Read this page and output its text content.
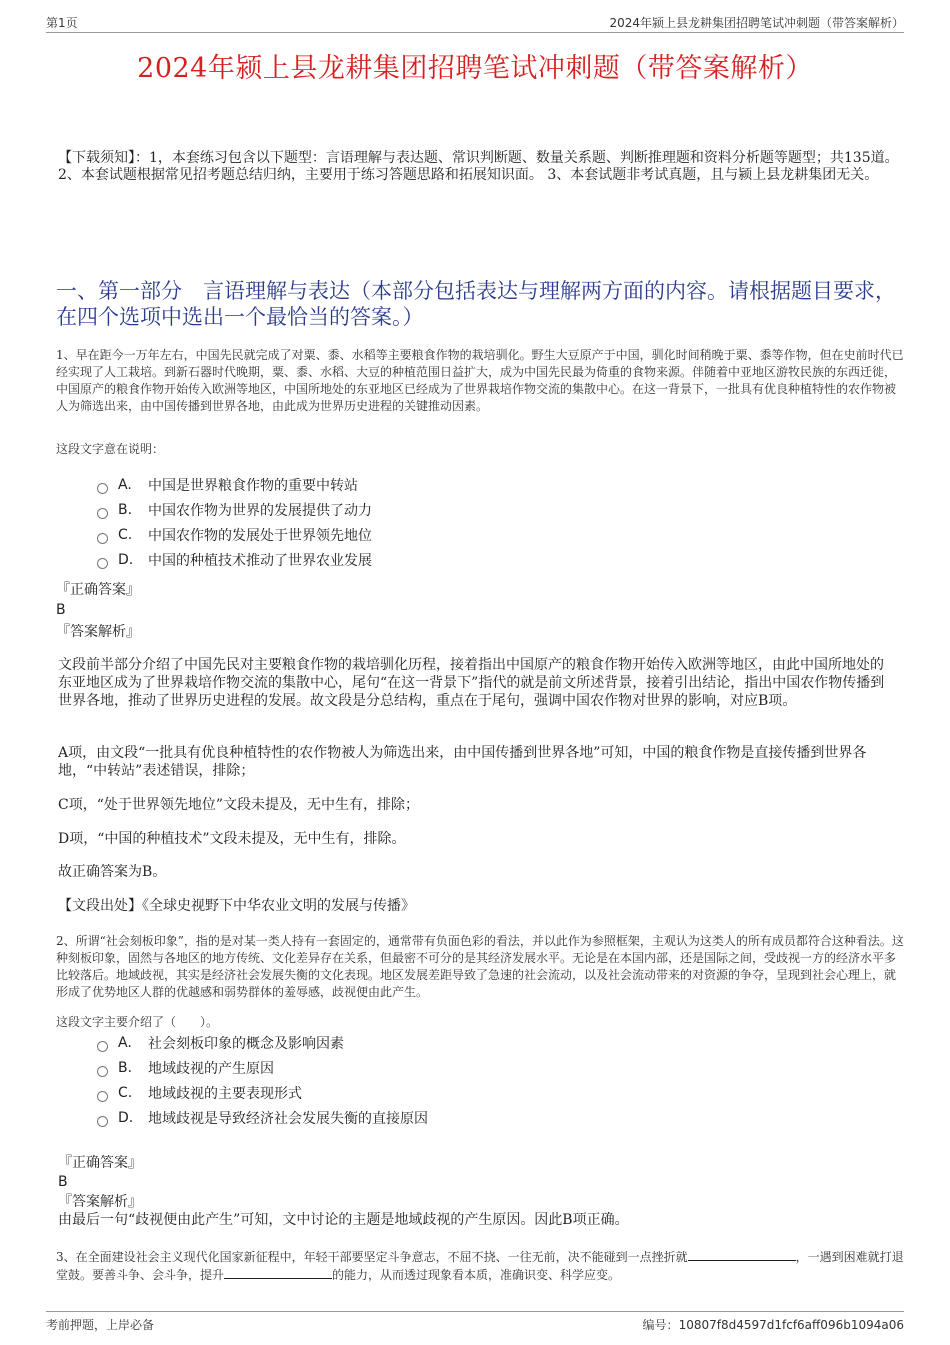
第1页	2024年颍上县龙耕集团招聘笔试冲刺题（带答案解析）
2024年颍上县龙耕集团招聘笔试冲刺题（带答案解析）
【下载须知】：1，本套练习包含以下题型：言语理解与表达题、常识判断题、数量关系题、判断推理题和资料分析题等题型；共135道。 2、本套试题根据常见招考题总结归纳，主要用于练习答题思路和拓展知识面。 3、本套试题非考试真题，且与颍上县龙耕集团无关。
一、第一部分　言语理解与表达（本部分包括表达与理解两方面的内容。请根据题目要求，在四个选项中选出一个最恰当的答案。）
1、早在距今一万年左右，中国先民就完成了对粟、黍、水稻等主要粮食作物的栽培驯化。野生大豆原产于中国，驯化时间稍晚于粟、黍等作物，但在史前时代已经实现了人工栽培。到新石器时代晚期，粟、黍、水稻、大豆的种植范围日益扩大，成为中国先民最为倚重的食物来源。伴随着中亚地区游牧民族的东西迁徙，中国原产的粮食作物开始传入欧洲等地区，中国所地处的东亚地区已经成为了世界栽培作物交流的集散中心。在这一背景下，一批具有优良种植特性的农作物被人为筛选出来，由中国传播到世界各地，由此成为世界历史进程的关键推动因素。
这段文字意在说明：
A.	中国是世界粮食作物的重要中转站
B.	中国农作物为世界的发展提供了动力
C.	中国农作物的发展处于世界领先地位
D.	中国的种植技术推动了世界农业发展
『正确答案』
B
『答案解析』
文段前半部分介绍了中国先民对主要粮食作物的栽培驯化历程，接着指出中国原产的粮食作物开始传入欧洲等地区，由此中国所地处的东亚地区成为了世界栽培作物交流的集散中心，尾句“在这一背景下”指代的就是前文所述背景，接着引出结论，指出中国农作物传播到世界各地，推动了世界历史进程的发展。故文段是分总结构，重点在于尾句，强调中国农作物对世界的影响，对应B项。
A项，由文段“一批具有优良种植特性的农作物被人为筛选出来，由中国传播到世界各地”可知，中国的粮食作物是直接传播到世界各地，“中转站”表述错误，排除；
C项，“处于世界领先地位”文段未提及，无中生有，排除；
D项，“中国的种植技术”文段未提及，无中生有，排除。
故正确答案为B。
【文段出处】《全球史视野下中华农业文明的发展与传播》
2、所谓“社会刻板印象”，指的是对某一类人持有一套固定的，通常带有负面色彩的看法，并以此作为参照框架，主观认为这类人的所有成员都符合这种看法。这种刻板印象，固然与各地区的地方传统、文化差异存在关系，但最密不可分的是其经济发展水平。无论是在本国内部，还是国际之间，受歧视一方的经济水平多比较落后。地域歧视，其实是经济社会发展失衡的文化表现。地区发展差距导致了急速的社会流动，以及社会流动带来的对资源的争夺，呈现到社会心理上，就形成了优势地区人群的优越感和弱势群体的羞辱感，歧视便由此产生。
这段文字主要介绍了（　　）。
A.	社会刻板印象的概念及影响因素
B.	地域歧视的产生原因
C.	地域歧视的主要表现形式
D.	地域歧视是导致经济社会发展失衡的直接原因
『正确答案』
B
『答案解析』
由最后一句“歧视便由此产生”可知，文中讨论的主题是地域歧视的产生原因。因此B项正确。
3、在全面建设社会主义现代化国家新征程中，年轻干部要坚定斗争意志，不屈不挠、一往无前，决不能碰到一点挫折就	，一遇到困难就打退堂鼓。要善斗争、会斗争，提升	的能力，从而透过现象看本质，准确识变、科学应变。
考前押题，上岸必备	编号：10807f8d4597d1fcf6aff096b1094a06
